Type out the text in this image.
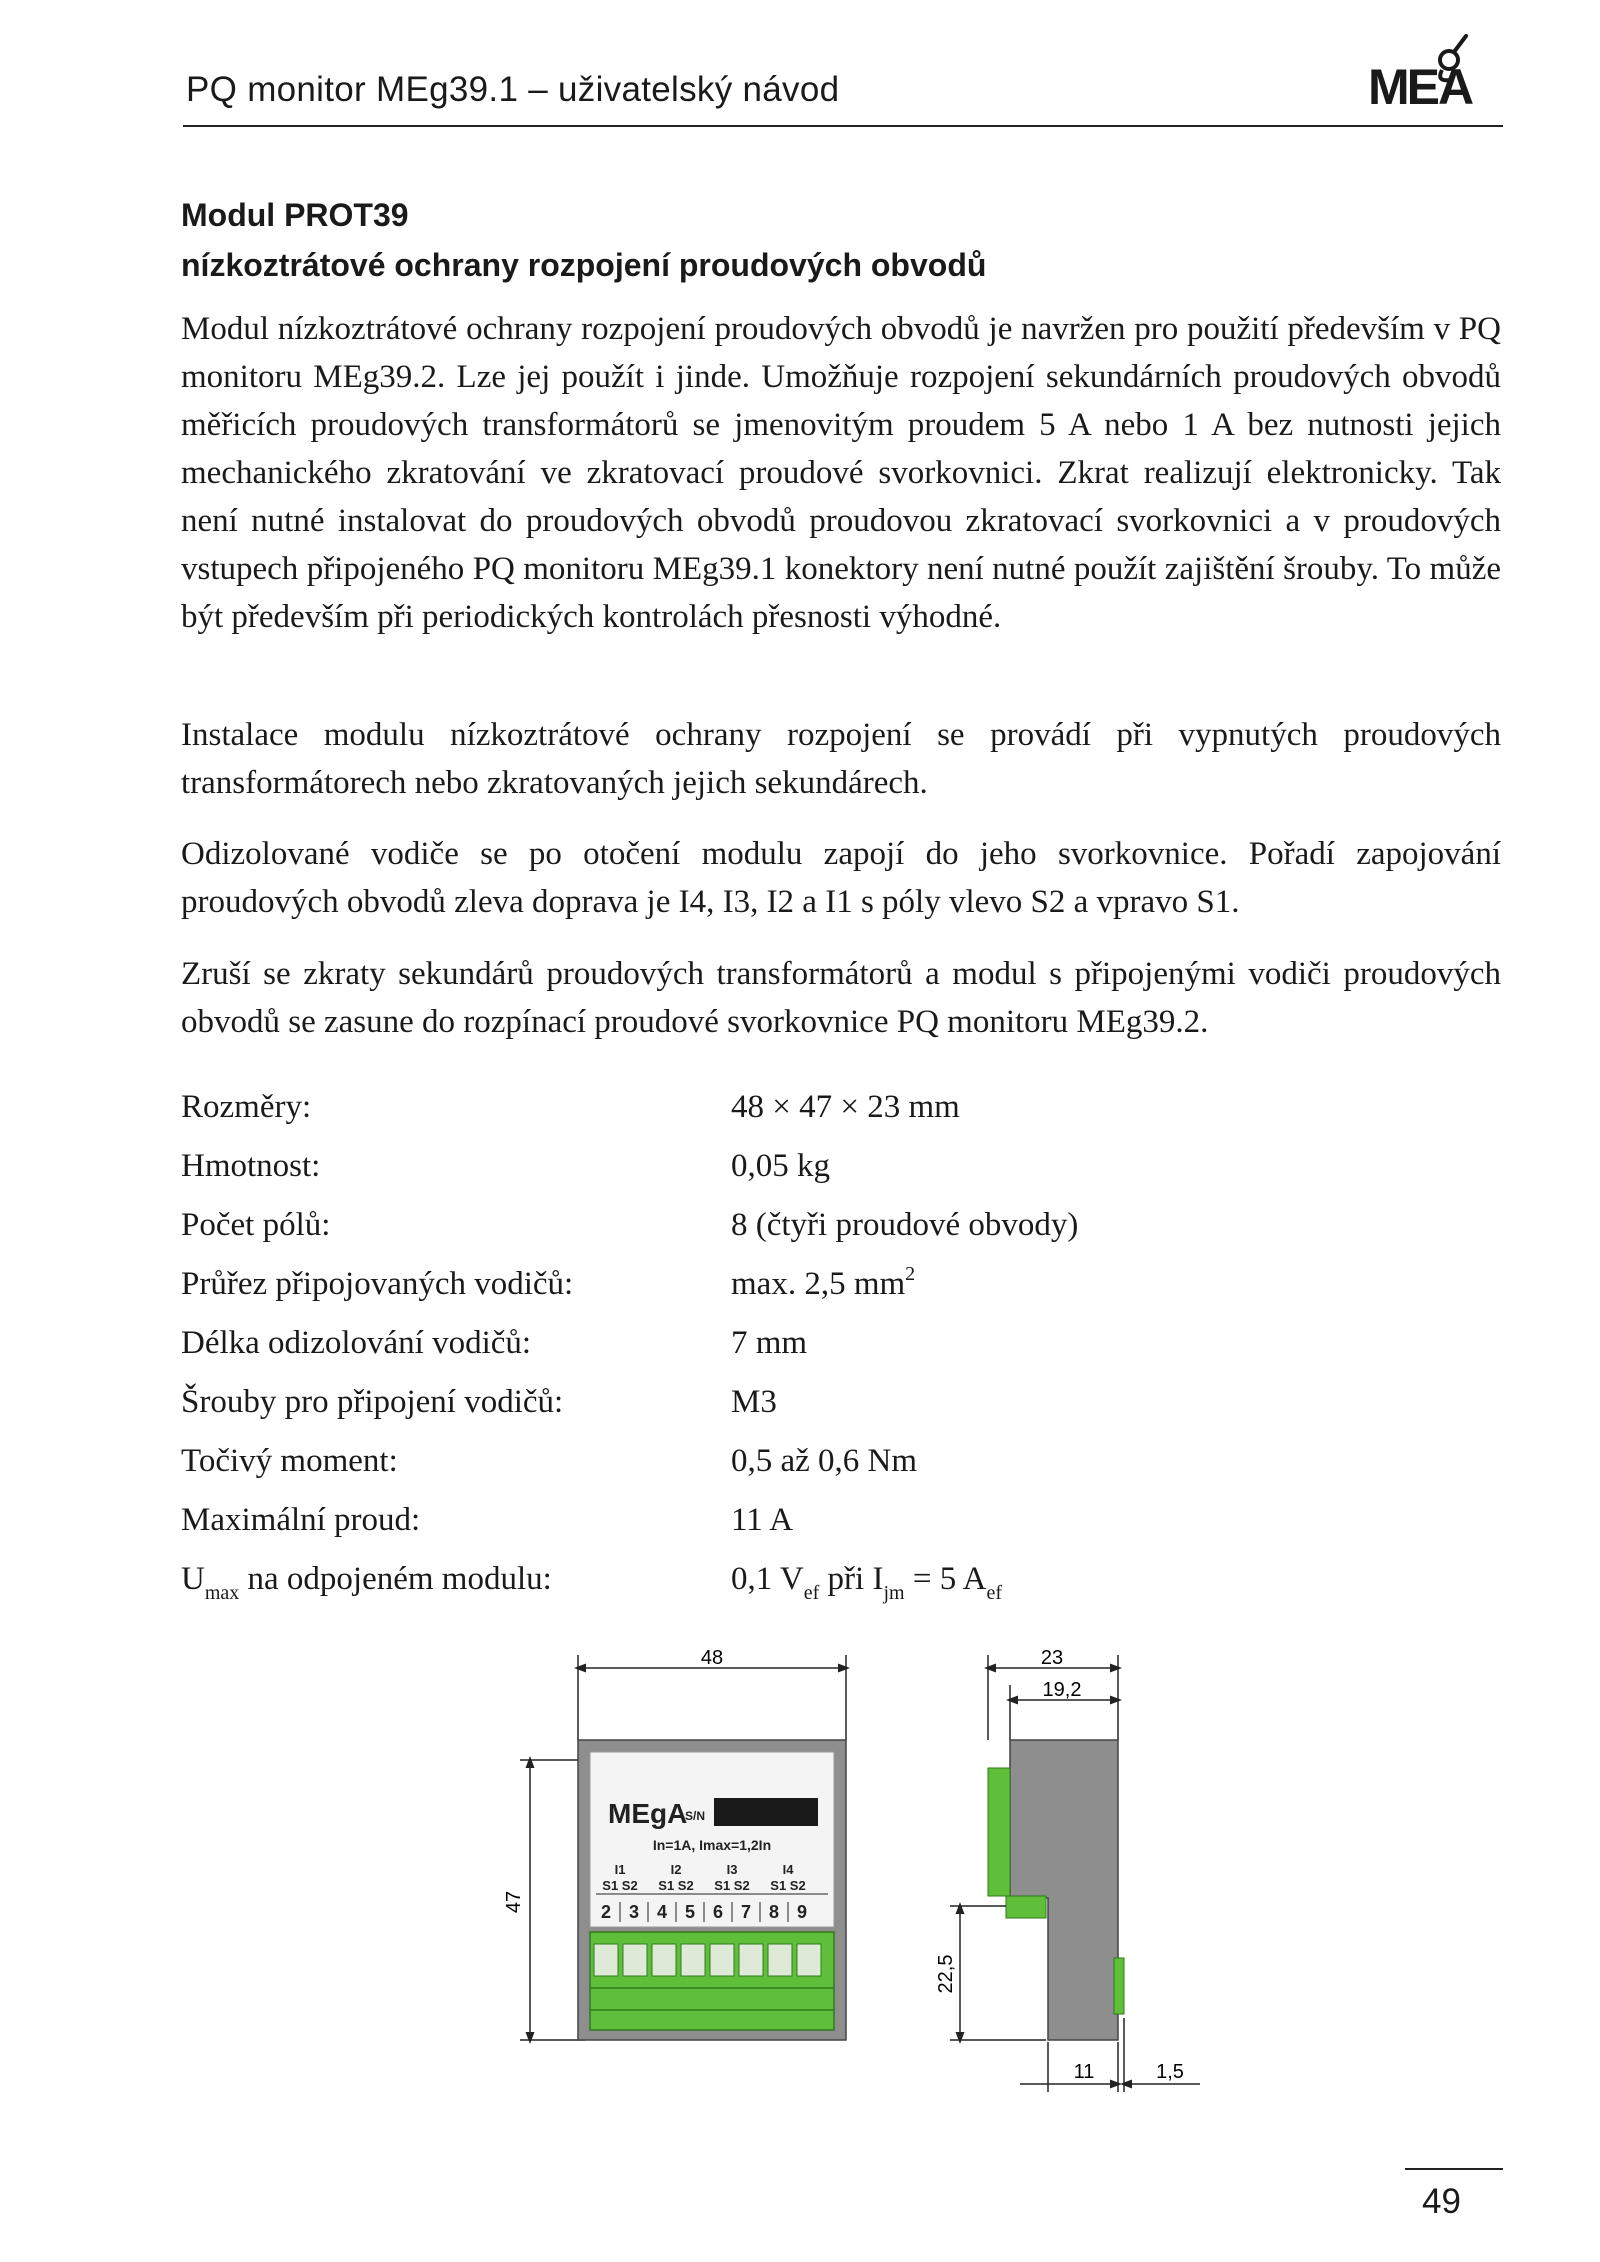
PQ monitor MEg39.1 – uživatelský návod	ME A
Modul PROT39
nízkoztrátové ochrany rozpojení proudových obvodů

Modul nízkoztrátové ochrany rozpojení proudových obvodů je navržen pro použití především v PQ monitoru MEg39.2. Lze jej použít i jinde. Umožňuje rozpojení sekundárních proudových obvodů měřicích proudových transformátorů se jmenovitým proudem 5 A nebo 1 A bez nutnosti jejich mechanického zkratování ve zkratovací proudové svorkovnici. Zkrat realizují elektronicky. Tak není nutné instalovat do proudových obvodů proudovou zkratovací svorkovnici a v proudových vstupech připojeného PQ monitoru MEg39.1 konektory není nutné použít zajištění šrouby. To může být především při periodických kontrolách přesnosti výhodné.

Instalace modulu nízkoztrátové ochrany rozpojení se provádí při vypnutých proudových transformátorech nebo zkratovaných jejich sekundárech.

Odizolované vodiče se po otočení modulu zapojí do jeho svorkovnice. Pořadí zapojování proudových obvodů zleva doprava je I4, I3, I2 a I1 s póly vlevo S2 a vpravo S1.

Zruší se zkraty sekundárů proudových transformátorů a modul s připojenými vodiči proudových obvodů se zasune do rozpínací proudové svorkovnice PQ monitoru MEg39.2.

Rozměry:	48 × 47 × 23 mm
Hmotnost:	0,05 kg
Počet pólů:	8 (čtyři proudové obvody)
Průřez připojovaných vodičů:	max. 2,5 $mm^2$
Délka odizolování vodičů:	7 mm
Šrouby pro připojení vodičů:	M3
Točivý moment:	0,5 až 0,6 Nm
Maximální proud:	11 A
$U_{max}$ na odpojeném modulu:	0,1 $V_{ef}$ při $I_{jm} = 5$ $A_{ef}$
48
47
MEgA
S/N
In=1A, Imax=1,2In
I1	I2	I3	I4
S1 S2 S1 S2 S1 S2 S1 S2
2 3 4 5 6 7 8 9
23
19,2
22,5
11	1,5
49
